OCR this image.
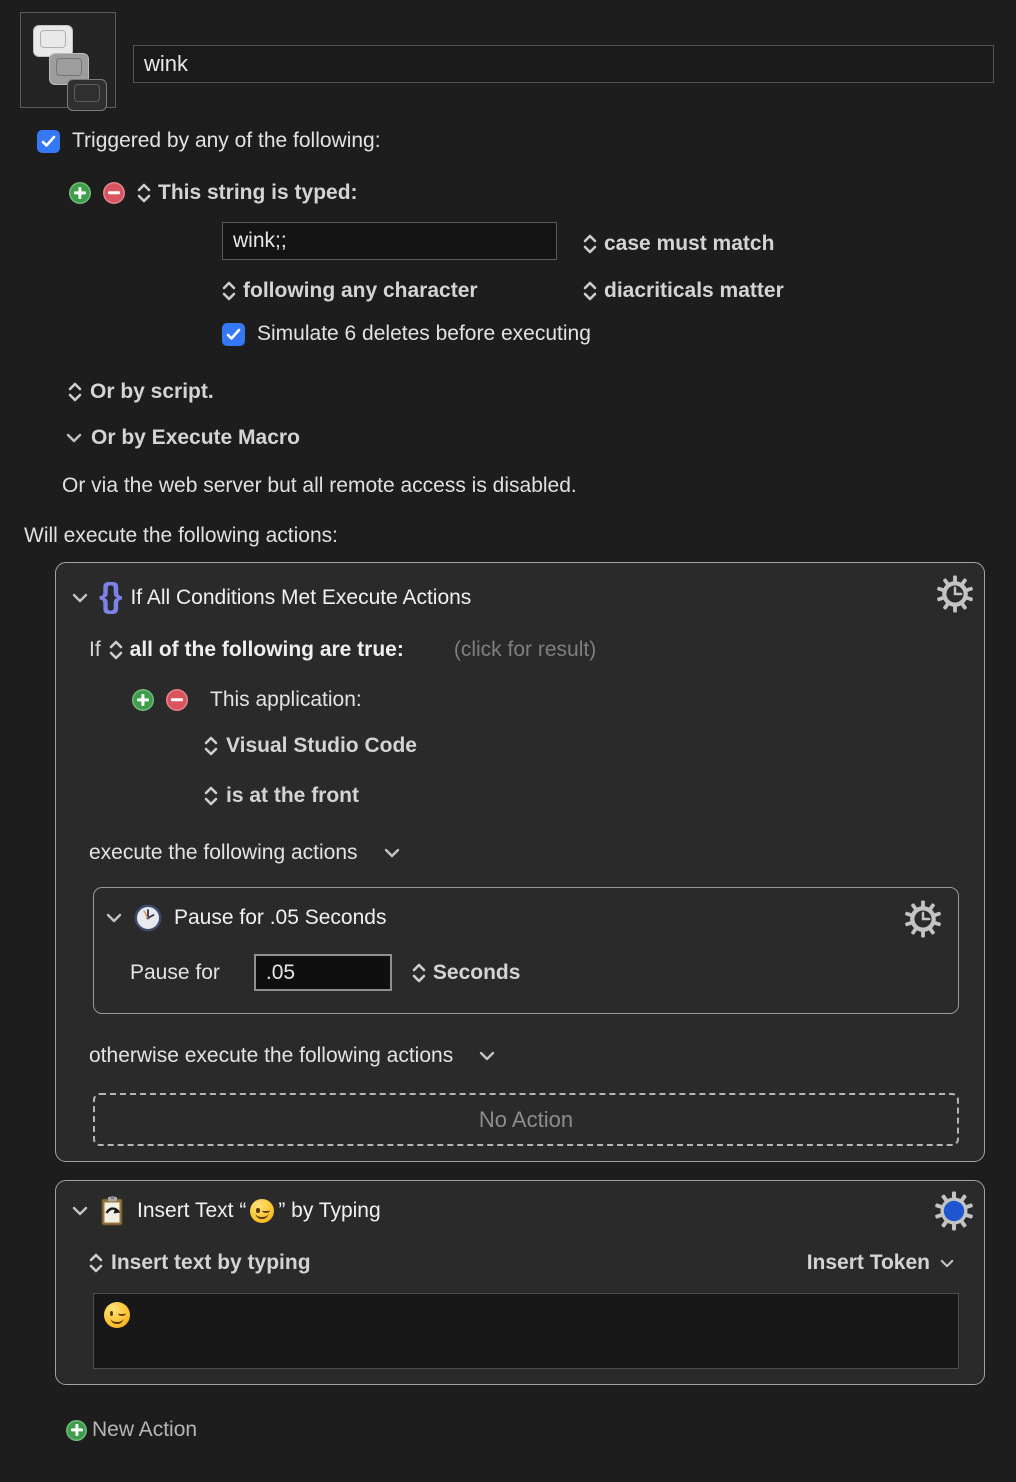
wink
Triggered by any of the following:
This string is typed:
wink;;
case must match
following any character	diacriticals matter
Simulate 6 deletes before executing
Or by script.
Or by Execute Macro
Or via the web server but all remote access is disabled.
Will execute the following actions:
{} If All Conditions Met Execute Actions
If all of the following are true: (click for result)
This application:
Visual Studio Code
is at the front
execute the following actions
Pause for .05 Seconds
Pause for
.05	Seconds
otherwise execute the following actions
No Action
Insert Text “ ” by Typing
Insert text by typing	Insert Token
New Action
